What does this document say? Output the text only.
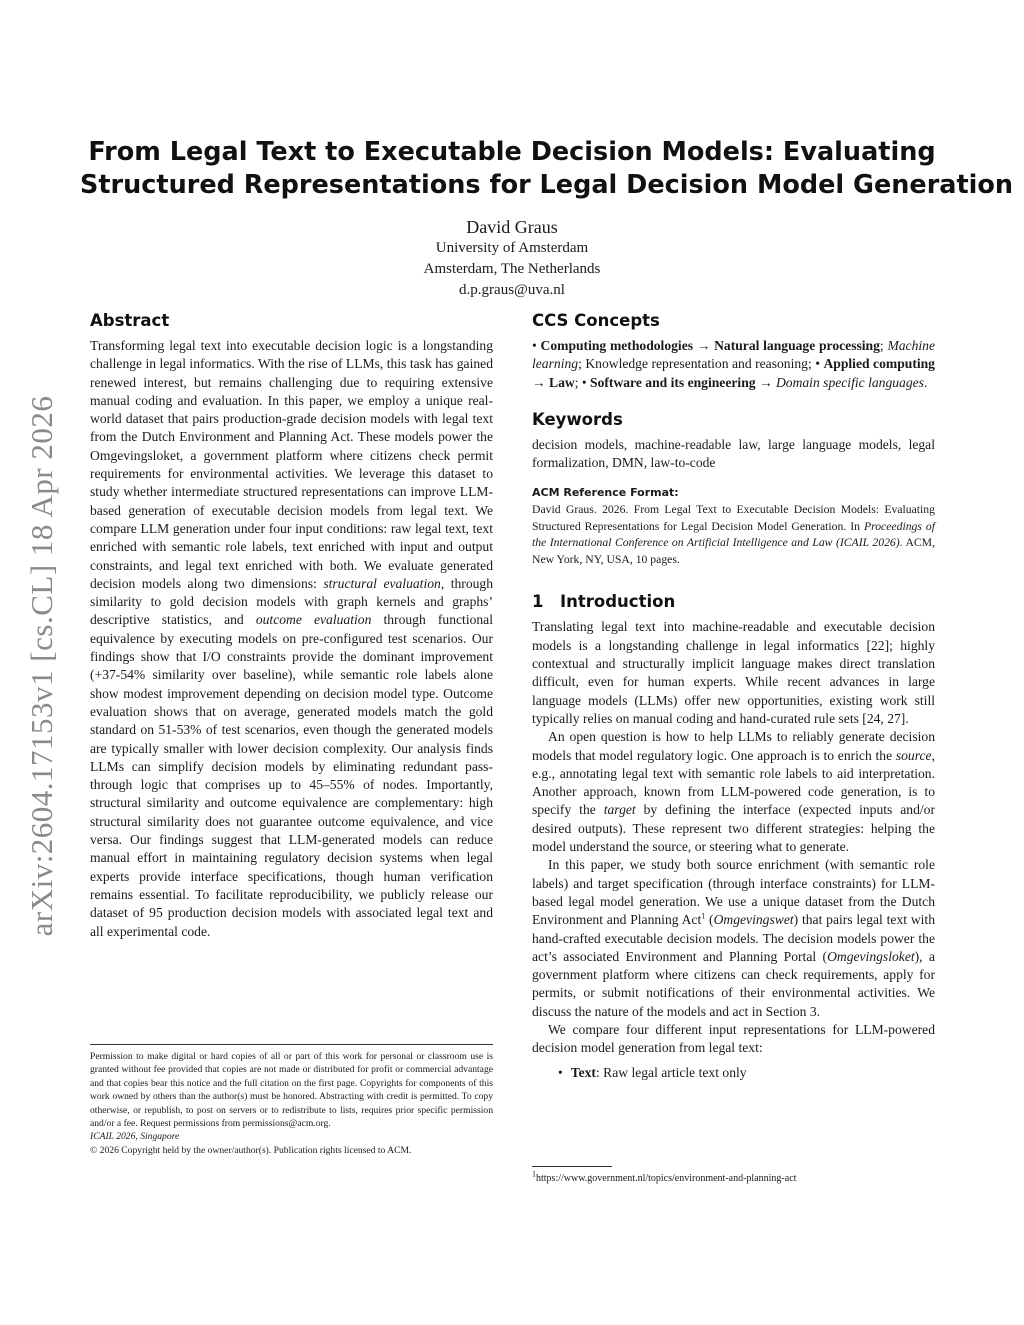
arXiv:2604.17153v1 [cs.CL] 18 Apr 2026
From Legal Text to Executable Decision Models: Evaluating
Structured Representations for Legal Decision Model Generation
David Graus
University of Amsterdam
Amsterdam, The Netherlands
d.p.graus@uva.nl
Abstract

Transforming legal text into executable decision logic is a longstanding challenge in legal informatics. With the rise of LLMs, this task has gained renewed interest, but remains challenging due to requiring extensive manual coding and evaluation. In this paper, we employ a unique real-world dataset that pairs production-grade decision models with legal text from the Dutch Environment and Planning Act. These models power the Omgevingsloket, a government platform where citizens check permit requirements for environmental activities. We leverage this dataset to study whether intermediate structured representations can improve LLM-based generation of executable decision models from legal text. We compare LLM generation under four input conditions: raw legal text, text enriched with semantic role labels, text enriched with input and output constraints, and legal text enriched with both. We evaluate generated decision models along two dimensions: structural evaluation, through similarity to gold decision models with graph kernels and graphs’ descriptive statistics, and outcome evaluation through functional equivalence by executing models on pre-configured test scenarios. Our findings show that I/O constraints provide the dominant improvement (+37-54% similarity over baseline), while semantic role labels alone show modest improvement depending on decision model type. Outcome evaluation shows that on average, generated models match the gold standard on 51-53% of test scenarios, even though the generated models are typically smaller with lower decision complexity. Our analysis finds LLMs can simplify decision models by eliminating redundant pass-through logic that comprises up to 45–55% of nodes. Importantly, structural similarity and outcome equivalence are complementary: high structural similarity does not guarantee outcome equivalence, and vice versa. Our findings suggest that LLM-generated models can reduce manual effort in maintaining regulatory decision systems when legal experts provide interface specifications, though human verification remains essential. To facilitate reproducibility, we publicly release our dataset of 95 production decision models with associated legal text and all experimental code.

Permission to make digital or hard copies of all or part of this work for personal or classroom use is granted without fee provided that copies are not made or distributed for profit or commercial advantage and that copies bear this notice and the full citation on the first page. Copyrights for components of this work owned by others than the author(s) must be honored. Abstracting with credit is permitted. To copy otherwise, or republish, to post on servers or to redistribute to lists, requires prior specific permission and/or a fee. Request permissions from permissions@acm.org.

ICAIL 2026, Singapore

© 2026 Copyright held by the owner/author(s). Publication rights licensed to ACM.

CCS Concepts

• Computing methodologies → Natural language processing; Machine learning; Knowledge representation and reasoning; • Applied computing → Law; • Software and its engineering → Domain specific languages.

Keywords

decision models, machine-readable law, large language models, legal formalization, DMN, law-to-code

ACM Reference Format:

David Graus. 2026. From Legal Text to Executable Decision Models: Evaluating Structured Representations for Legal Decision Model Generation. In Proceedings of the International Conference on Artificial Intelligence and Law (ICAIL 2026). ACM, New York, NY, USA, 10 pages.

1 Introduction

Translating legal text into machine-readable and executable decision models is a longstanding challenge in legal informatics [22]; highly contextual and structurally implicit language makes direct translation difficult, even for human experts. While recent advances in large language models (LLMs) offer new opportunities, existing work still typically relies on manual coding and hand-curated rule sets [24, 27].

An open question is how to help LLMs to reliably generate decision models that model regulatory logic. One approach is to enrich the source, e.g., annotating legal text with semantic role labels to aid interpretation. Another approach, known from LLM-powered code generation, is to specify the target by defining the interface (expected inputs and/or desired outputs). These represent two different strategies: helping the model understand the source, or steering what to generate.

In this paper, we study both source enrichment (with semantic role labels) and target specification (through interface constraints) for LLM-based legal model generation. We use a unique dataset from the Dutch Environment and Planning Act$^1$ (Omgevingswet) that pairs legal text with hand-crafted executable decision models. The decision models power the act’s associated Environment and Planning Portal (Omgevingsloket), a government platform where citizens can check requirements, apply for permits, or submit notifications of their environmental activities. We discuss the nature of the models and act in Section 3.

We compare four different input representations for LLM-powered decision model generation from legal text:

• Text: Raw legal article text only
$^1$https://www.government.nl/topics/environment-and-planning-act
